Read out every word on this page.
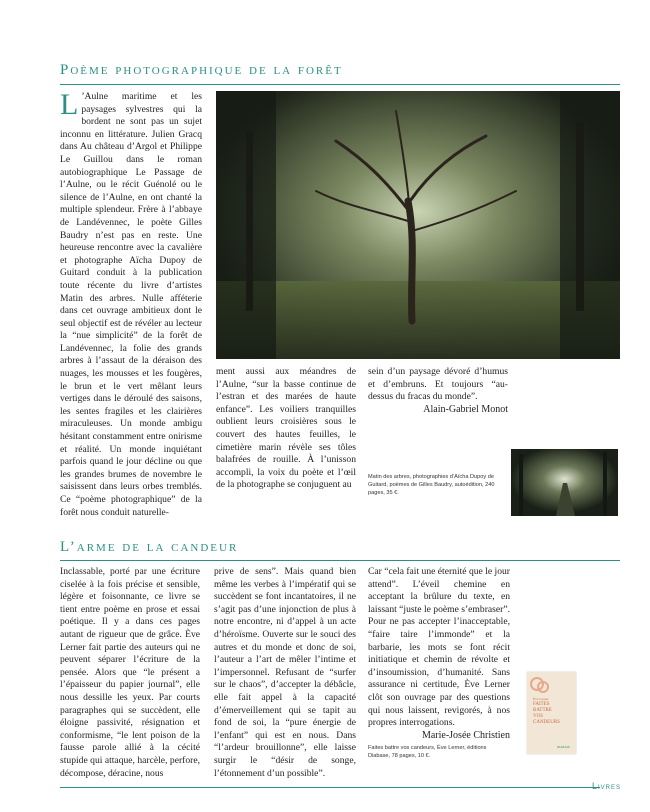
Poème photographique de la forêt
L ’Aulne maritime et les paysages sylvestres qui la bordent ne sont pas un sujet inconnu en littérature. Julien Gracq dans Au château d’Argol et Philippe Le Guillou dans le roman autobiographique Le Passage de l’Aulne, ou le récit Guénolé ou le silence de l’Aulne, en ont chanté la multiple splendeur. Frère à l’abbaye de Landévennec, le poète Gilles Baudry n’est pas en reste. Une heureuse rencontre avec la cavalière et photographe Aïcha Dupoy de Guitard conduit à la publication toute récente du livre d’artistes Matin des arbres. Nulle afféterie dans cet ouvrage ambitieux dont le seul objectif est de révéler au lecteur la “nue simplicité” de la forêt de Landévennec, la folie des grands arbres à l’assaut de la déraison des nuages, les mousses et les fougères, le brun et le vert mêlant leurs vertiges dans le déroulé des saisons, les sentes fragiles et les clairières miraculeuses. Un monde ambigu hésitant constamment entre onirisme et réalité. Un monde inquiétant parfois quand le jour décline ou que les grandes brumes de novembre le saisissent dans leurs orbes tremblés. Ce “poème photographique” de la forêt nous conduit naturelle-
ment aussi aux méandres de l’Aulne, “sur la basse continue de l’estran et des marées de haute enfance”. Les voiliers tranquilles oublient leurs croisières sous le couvert des hautes feuilles, le cimetière marin révèle ses tôles balafrées de rouille. À l’unisson accompli, la voix du poète et l’œil de la photographe se conjuguent au

sein d’un paysage dévoré d’humus et d’embruns. Et toujours “au-dessus du fracas du monde”.

Alain-Gabriel Monot

Matin des arbres, photographies d’Aïcha Dupoy de Guitard, poèmes de Gilles Baudry, autoédition, 240 pages, 35 €.
L’arme de la candeur
Inclassable, porté par une écriture ciselée à la fois précise et sensible, légère et foisonnante, ce livre se tient entre poème en prose et essai poétique. Il y a dans ces pages autant de rigueur que de grâce. Ève Lerner fait partie des auteurs qui ne peuvent séparer l’écriture de la pensée. Alors que “le présent a l’épaisseur du papier journal”, elle nous dessille les yeux. Par courts paragraphes qui se succèdent, elle éloigne passivité, résignation et conformisme, “le lent poison de la fausse parole allié à la cécité stupide qui attaque, harcèle, perfore, décompose, déracine, nous
prive de sens”. Mais quand bien même les verbes à l’impératif qui se succèdent se font incantatoires, il ne s’agit pas d’une injonction de plus à notre encontre, ni d’appel à un acte d’héroïsme. Ouverte sur le souci des autres et du monde et donc de soi, l’auteur a l’art de mêler l’intime et l’impersonnel. Refusant de “surfer sur le chaos”, d’accepter la débâcle, elle fait appel à la capacité d’émerveillement qui se tapit au fond de soi, la “pure énergie de l’enfant” qui est en nous. Dans “l’ardeur brouillonne”, elle laisse surgir le “désir de songe, l’étonnement d’un possible”.

Car “cela fait une éternité que le jour attend”. L’éveil chemine en acceptant la brûlure du texte, en laissant “juste le poème s’embraser”. Pour ne pas accepter l’inacceptable, “faire taire l’immonde” et la barbarie, les mots se font récit initiatique et chemin de révolte et d’insoumission, d’humanité. Sans assurance ni certitude, Ève Lerner clôt son ouvrage par des questions qui nous laissent, revigorés, à nos propres interrogations.

Marie-Josée Christien

Faites battre vos candeurs, Ève Lerner, éditions Diabase, 78 pages, 10 €.
Ève Lerner
FAITES
BATTRE
VOS
CANDEURS
DIABASE
Livres
